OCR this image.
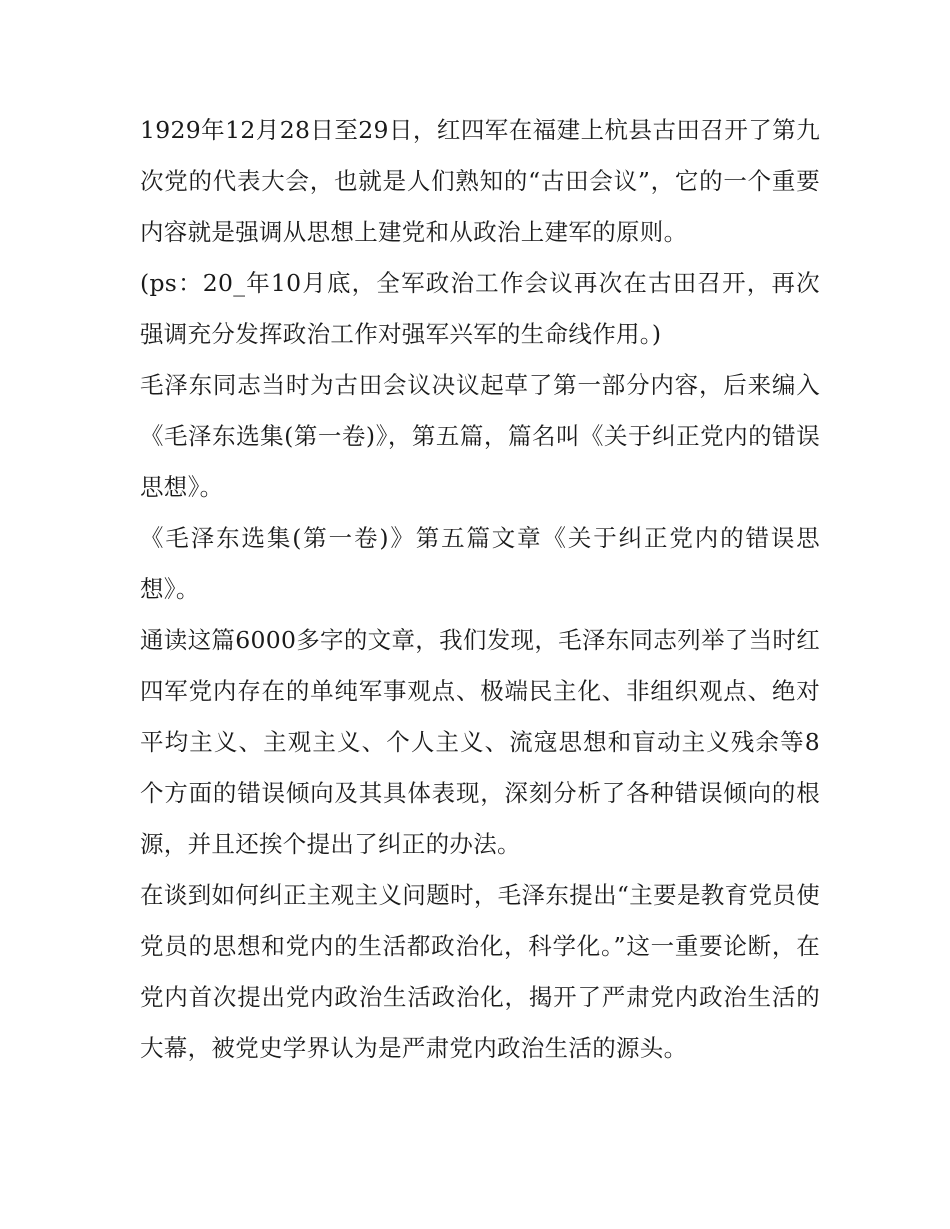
1929年12月28日至29日，红四军在福建上杭县古田召开了第九次党的代表大会，也就是人们熟知的“古田会议”，它的一个重要内容就是强调从思想上建党和从政治上建军的原则。

(ps：20_年10月底，全军政治工作会议再次在古田召开，再次强调充分发挥政治工作对强军兴军的生命线作用。)

毛泽东同志当时为古田会议决议起草了第一部分内容，后来编入《毛泽东选集(第一卷)》，第五篇，篇名叫《关于纠正党内的错误思想》。

《毛泽东选集(第一卷)》第五篇文章《关于纠正党内的错误思想》。

通读这篇6000多字的文章，我们发现，毛泽东同志列举了当时红四军党内存在的单纯军事观点、极端民主化、非组织观点、绝对平均主义、主观主义、个人主义、流寇思想和盲动主义残余等8个方面的错误倾向及其具体表现，深刻分析了各种错误倾向的根源，并且还挨个提出了纠正的办法。

在谈到如何纠正主观主义问题时，毛泽东提出“主要是教育党员使党员的思想和党内的生活都政治化，科学化。”这一重要论断，在党内首次提出党内政治生活政治化，揭开了严肃党内政治生活的大幕，被党史学界认为是严肃党内政治生活的源头。
